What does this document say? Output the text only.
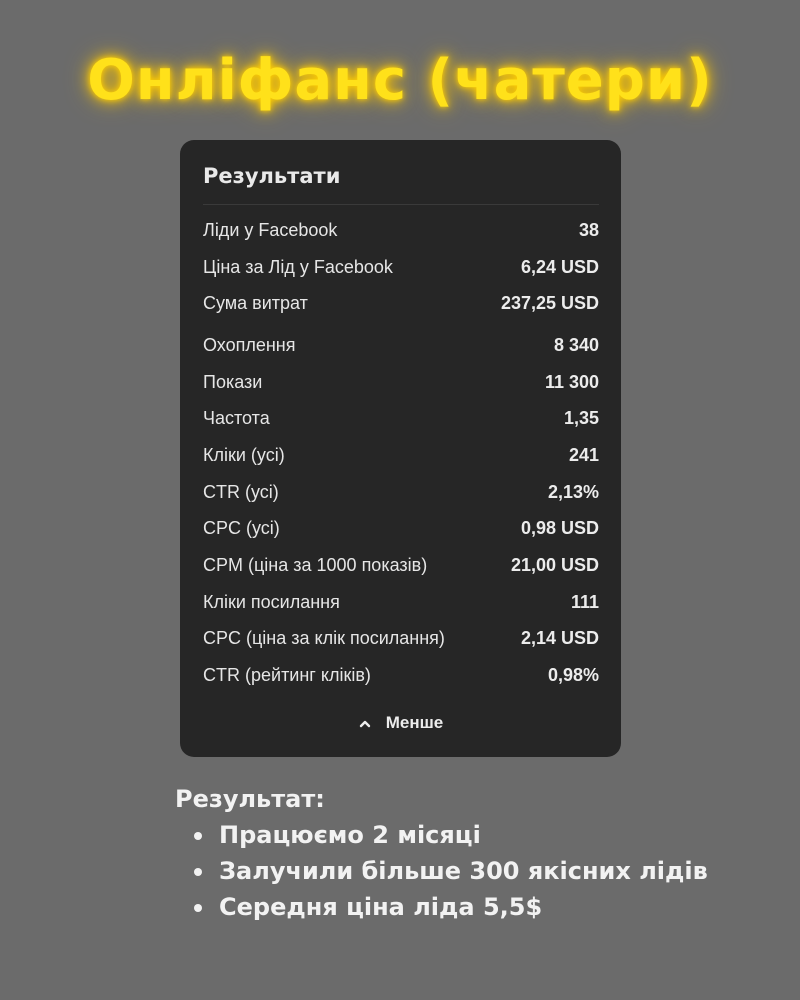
Онліфанс (чатери)
Результати
Ліди у Facebook	38
Ціна за Лід у Facebook	6,24 USD
Сума витрат	237,25 USD
Охоплення	8 340
Покази	11 300
Частота	1,35
Кліки (усі)	241
CTR (усі)	2,13%
CPC (усі)	0,98 USD
CPM (ціна за 1000 показів)	21,00 USD
Кліки посилання	111
CPC (ціна за клік посилання)	2,14 USD
CTR (рейтинг кліків)	0,98%
Менше
Результат:
Працюємо 2 місяці
Залучили більше 300 якісних лідів
Середня ціна ліда 5,5$
